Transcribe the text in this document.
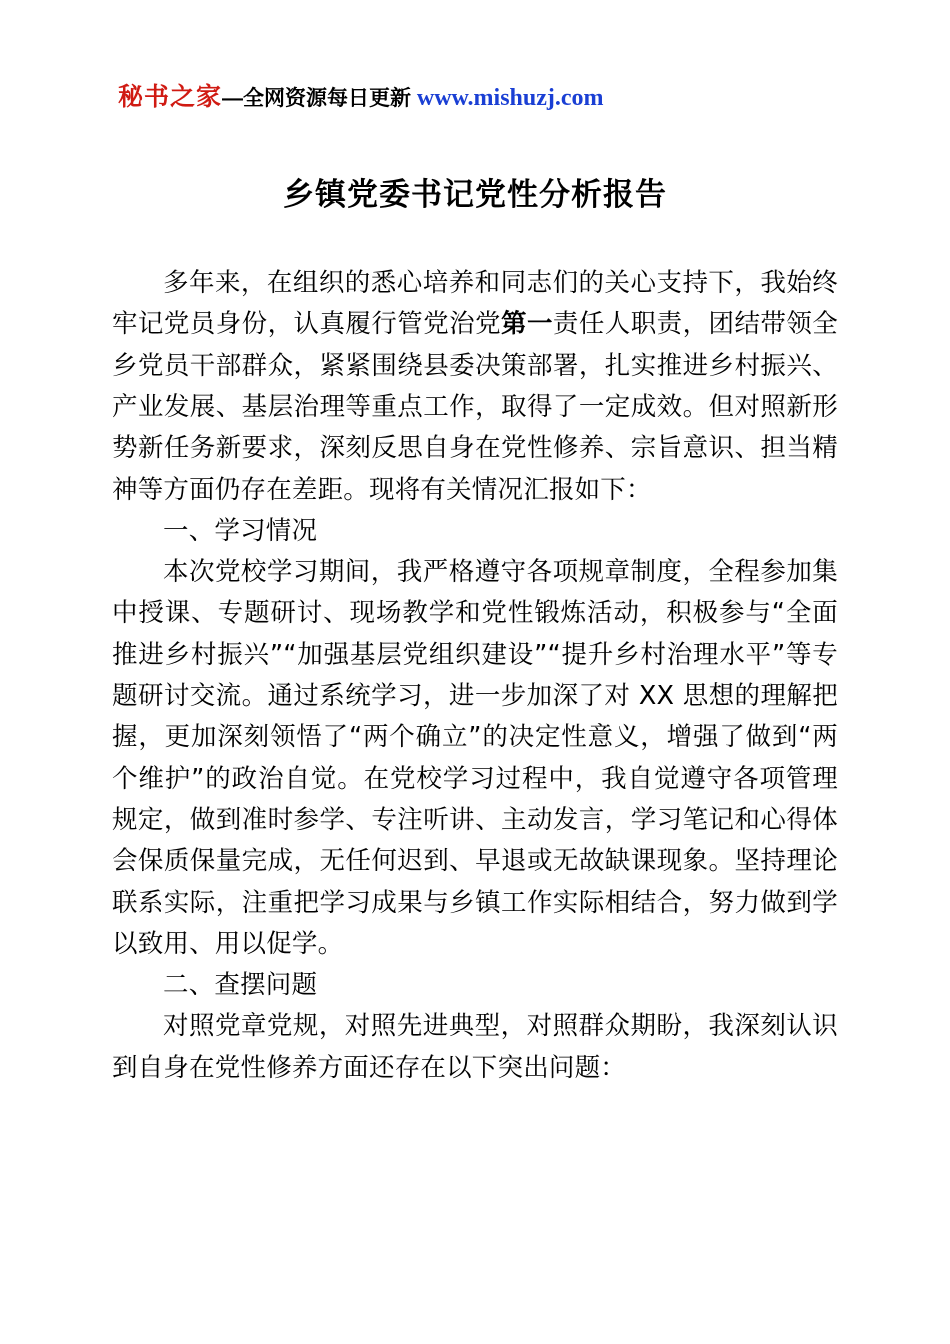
秘书之家—全网资源每日更新 www.mishuzj.com
乡镇党委书记党性分析报告

多年来，在组织的悉心培养和同志们的关心支持下，我始终牢记党员身份，认真履行管党治党第一责任人职责，团结带领全乡党员干部群众，紧紧围绕县委决策部署，扎实推进乡村振兴、产业发展、基层治理等重点工作，取得了一定成效。但对照新形势新任务新要求，深刻反思自身在党性修养、宗旨意识、担当精神等方面仍存在差距。现将有关情况汇报如下：

一、学习情况

本次党校学习期间，我严格遵守各项规章制度，全程参加集中授课、专题研讨、现场教学和党性锻炼活动，积极参与“全面推进乡村振兴”“加强基层党组织建设”“提升乡村治理水平”等专题研讨交流。通过系统学习，进一步加深了对 XX 思想的理解把握，更加深刻领悟了“两个确立”的决定性意义，增强了做到“两个维护”的政治自觉。在党校学习过程中，我自觉遵守各项管理规定，做到准时参学、专注听讲、主动发言，学习笔记和心得体会保质保量完成，无任何迟到、早退或无故缺课现象。坚持理论联系实际，注重把学习成果与乡镇工作实际相结合，努力做到学以致用、用以促学。

二、查摆问题

对照党章党规，对照先进典型，对照群众期盼，我深刻认识到自身在党性修养方面还存在以下突出问题：
